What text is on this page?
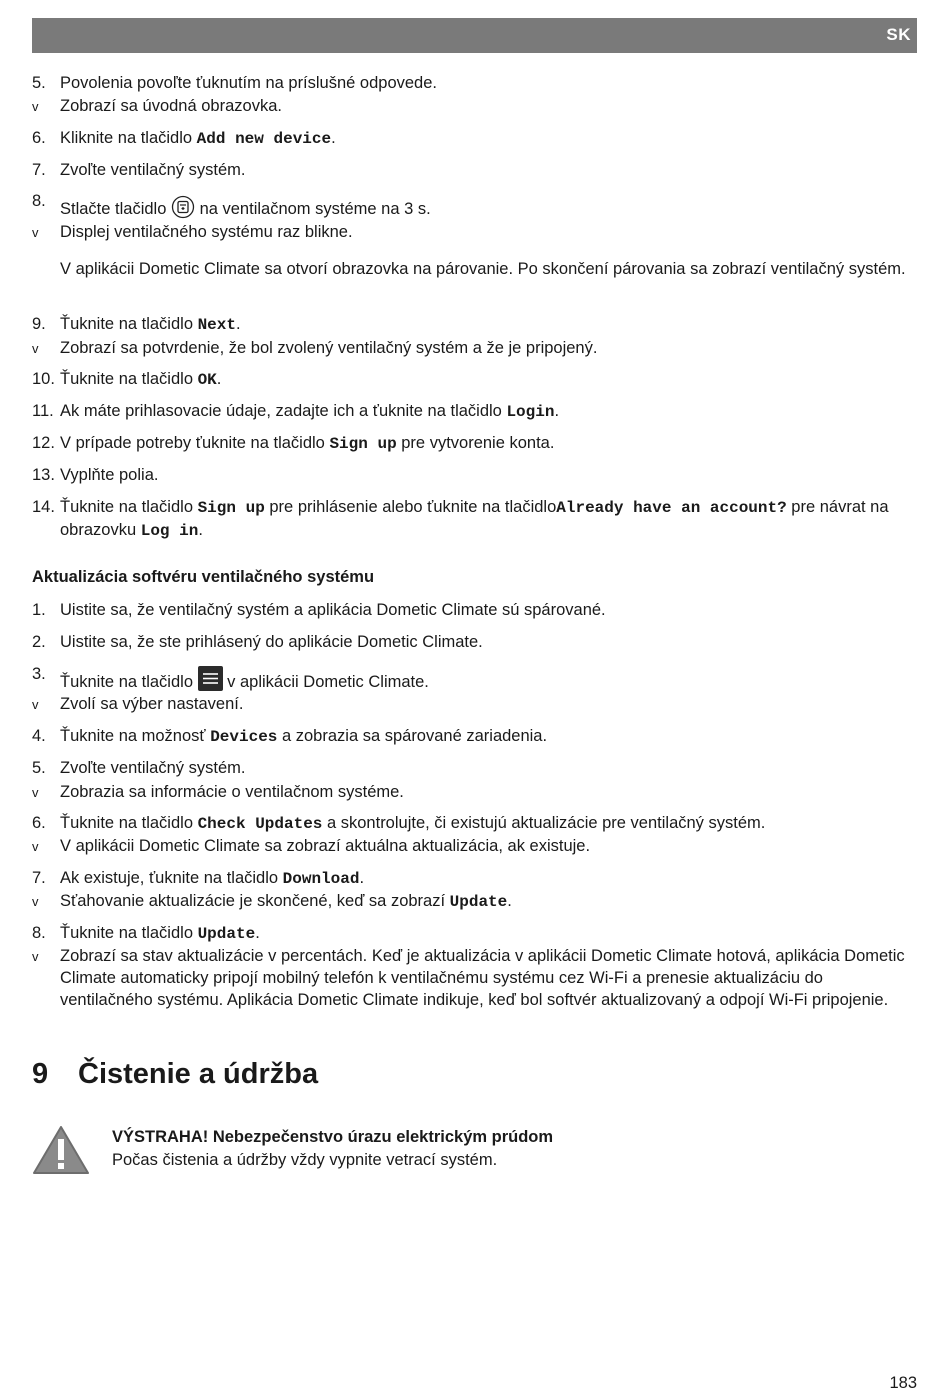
SK
5. Povolenia povoľte ťuknutím na príslušné odpovede.
v Zobrazí sa úvodná obrazovka.
6. Kliknite na tlačidlo Add new device.
7. Zvoľte ventilačný systém.
8. Stlačte tlačidlo  na ventilačnom systéme na 3 s.
v Displej ventilačného systému raz blikne.
V aplikácii Dometic Climate sa otvorí obrazovka na párovanie. Po skončení párovania sa zobrazí ventilačný systém.
9. Ťuknite na tlačidlo Next.
v Zobrazí sa potvrdenie, že bol zvolený ventilačný systém a že je pripojený.
10. Ťuknite na tlačidlo OK.
11. Ak máte prihlasovacie údaje, zadajte ich a ťuknite na tlačidlo Login.
12. V prípade potreby ťuknite na tlačidlo Sign up pre vytvorenie konta.
13. Vyplňte polia.
14. Ťuknite na tlačidlo Sign up pre prihlásenie alebo ťuknite na tlačidloAlready have an account? pre návrat na obrazovku Log in.
1. Uistite sa, že ventilačný systém a aplikácia Dometic Climate sú spárované.
2. Uistite sa, že ste prihlásený do aplikácie Dometic Climate.
3. Ťuknite na tlačidlo  v aplikácii Dometic Climate.
v Zvolí sa výber nastavení.
4. Ťuknite na možnosť Devices a zobrazia sa spárované zariadenia.
5. Zvoľte ventilačný systém.
v Zobrazia sa informácie o ventilačnom systéme.
6. Ťuknite na tlačidlo Check Updates a skontrolujte, či existujú aktualizácie pre ventilačný systém.
v V aplikácii Dometic Climate sa zobrazí aktuálna aktualizácia, ak existuje.
7. Ak existuje, ťuknite na tlačidlo Download.
v Sťahovanie aktualizácie je skončené, keď sa zobrazí Update.
8. Ťuknite na tlačidlo Update.
v Zobrazí sa stav aktualizácie v percentách. Keď je aktualizácia v aplikácii Dometic Climate hotová, aplikácia Dometic Climate automaticky pripojí mobilný telefón k ventilačnému systému cez Wi-Fi a prenesie aktualizáciu do ventilačného systému. Aplikácia Dometic Climate indikuje, keď bol softvér aktualizovaný a odpojí Wi-Fi pripojenie.
Aktualizácia softvéru ventilačného systému
9 Čistenie a údržba
VÝSTRAHA! Nebezpečenstvo úrazu elektrickým prúdom
Počas čistenia a údržby vždy vypnite vetrací systém.
183
